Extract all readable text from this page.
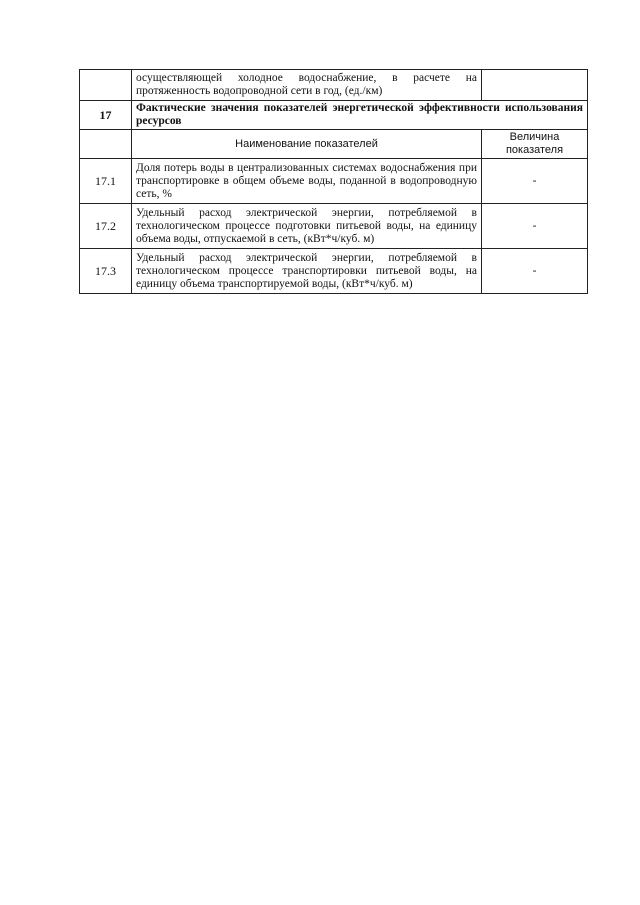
	осуществляющей холодное водоснабжение, в расчете на протяженность водопроводной сети в год, (ед./км)	
17	Фактические значения показателей энергетической эффективности использования ресурсов	
	Наименование показателей	Величина показателя
17.1	Доля потерь воды в централизованных системах водоснабжения при транспортировке в общем объеме воды, поданной в водопроводную сеть, %	-
17.2	Удельный расход электрической энергии, потребляемой в технологическом процессе подготовки питьевой воды, на единицу объема воды, отпускаемой в сеть, (кВт*ч/куб. м)	-
17.3	Удельный расход электрической энергии, потребляемой в технологическом процессе транспортировки питьевой воды, на единицу объема транспортируемой воды, (кВт*ч/куб. м)	-
